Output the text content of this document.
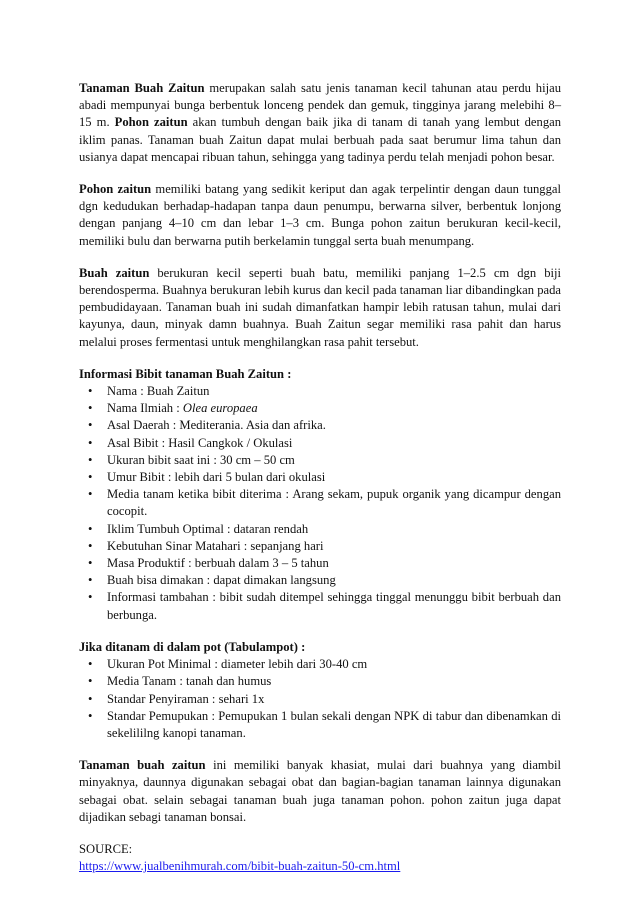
Tanaman Buah Zaitun merupakan salah satu jenis tanaman kecil tahunan atau perdu hijau abadi mempunyai bunga berbentuk lonceng pendek dan gemuk, tingginya jarang melebihi 8–15 m. Pohon zaitun akan tumbuh dengan baik jika di tanam di tanah yang lembut dengan iklim panas. Tanaman buah Zaitun dapat mulai berbuah pada saat berumur lima tahun dan usianya dapat mencapai ribuan tahun, sehingga yang tadinya perdu telah menjadi pohon besar.

Pohon zaitun memiliki batang yang sedikit keriput dan agak terpelintir dengan daun tunggal dgn kedudukan berhadap-hadapan tanpa daun penumpu, berwarna silver, berbentuk lonjong dengan panjang 4–10 cm dan lebar 1–3 cm. Bunga pohon zaitun berukuran kecil-kecil, memiliki bulu dan berwarna putih berkelamin tunggal serta buah menumpang.

Buah zaitun berukuran kecil seperti buah batu, memiliki panjang 1–2.5 cm dgn biji berendosperma. Buahnya berukuran lebih kurus dan kecil pada tanaman liar dibandingkan pada pembudidayaan. Tanaman buah ini sudah dimanfatkan hampir lebih ratusan tahun, mulai dari kayunya, daun, minyak damn buahnya. Buah Zaitun segar memiliki rasa pahit dan harus melalui proses fermentasi untuk menghilangkan rasa pahit tersebut.

Informasi Bibit tanaman Buah Zaitun :
•
Nama : Buah Zaitun
•
Nama Ilmiah : Olea europaea
•
Asal Daerah : Mediterania. Asia dan afrika.
•
Asal Bibit : Hasil Cangkok / Okulasi
•
Ukuran bibit saat ini : 30 cm – 50 cm
•
Umur Bibit : lebih dari 5 bulan dari okulasi
•
Media tanam ketika bibit diterima : Arang sekam, pupuk organik yang dicampur dengan cocopit.
•
Iklim Tumbuh Optimal : dataran rendah
•
Kebutuhan Sinar Matahari : sepanjang hari
•
Masa Produktif : berbuah dalam 3 – 5 tahun
•
Buah bisa dimakan : dapat dimakan langsung
•
Informasi tambahan : bibit sudah ditempel sehingga tinggal menunggu bibit berbuah dan berbunga.
Jika ditanam di dalam pot (Tabulampot) :
•
Ukuran Pot Minimal : diameter lebih dari 30-40 cm
•
Media Tanam : tanah dan humus
•
Standar Penyiraman : sehari 1x
•
Standar Pemupukan : Pemupukan 1 bulan sekali dengan NPK di tabur dan dibenamkan di sekelililng kanopi tanaman.

Tanaman buah zaitun ini memiliki banyak khasiat, mulai dari buahnya yang diambil minyaknya, daunnya digunakan sebagai obat dan bagian-bagian tanaman lainnya digunakan sebagai obat. selain sebagai tanaman buah juga tanaman pohon. pohon zaitun juga dapat dijadikan sebagi tanaman bonsai.

SOURCE:
https://www.jualbenihmurah.com/bibit-buah-zaitun-50-cm.html
